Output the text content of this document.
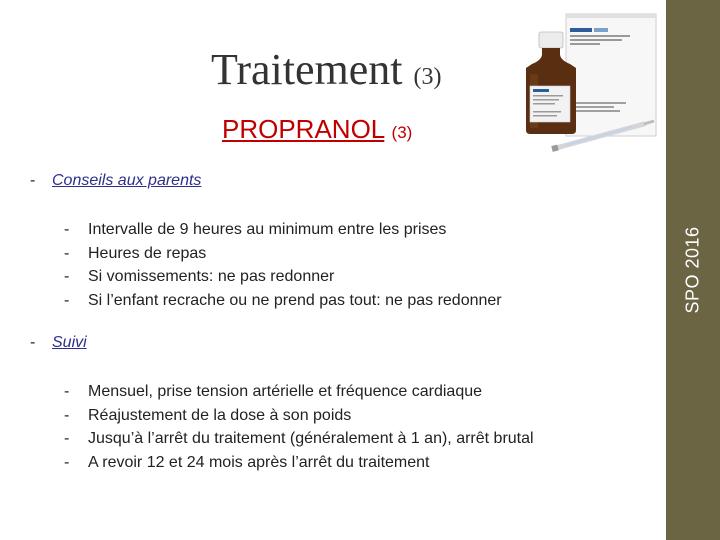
SPO 2016
Traitement (3)
PROPRANOL (3)
- Conseils aux parents
- Intervalle de 9 heures au minimum entre les prises
- Heures de repas
- Si vomissements: ne pas redonner
- Si l’enfant recrache ou ne prend pas tout: ne pas redonner
- Suivi
- Mensuel, prise tension artérielle et fréquence cardiaque
- Réajustement de la dose à son poids
- Jusqu’à l’arrêt du traitement (généralement à 1 an), arrêt brutal
- A revoir 12 et 24 mois après l’arrêt du traitement
